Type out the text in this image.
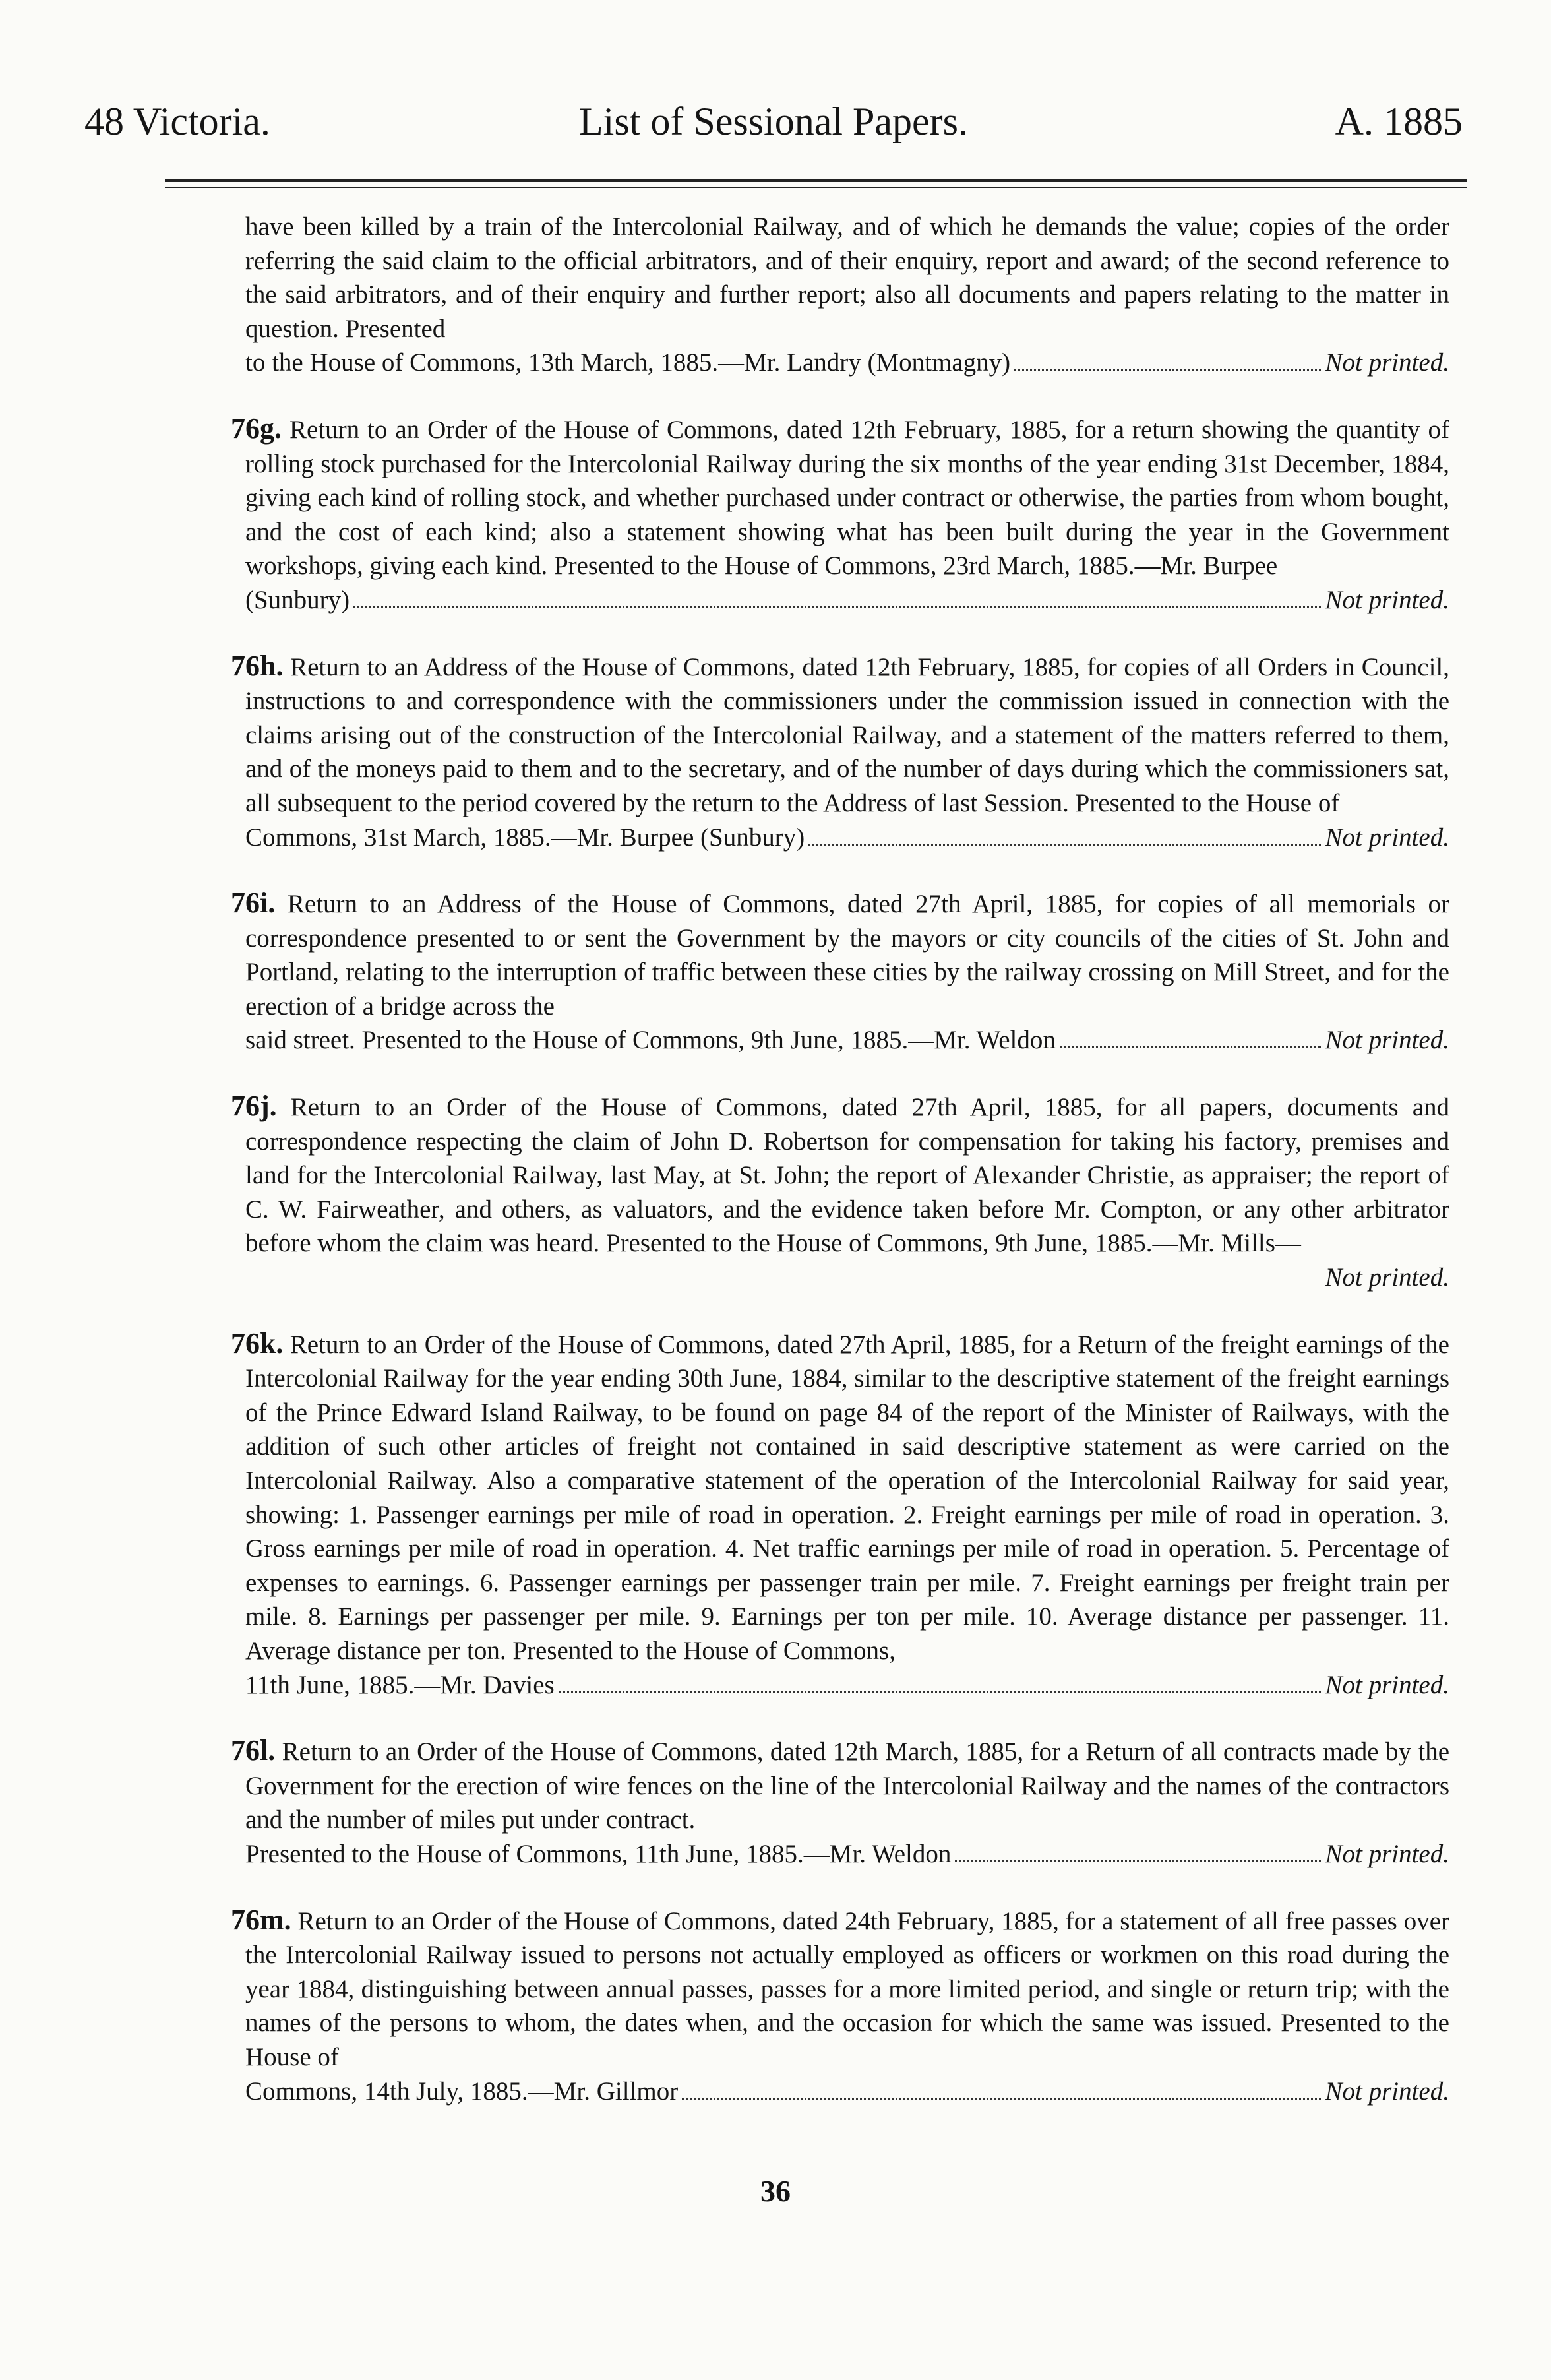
48 Victoria.	List of Sessional Papers.	A. 1885

have been killed by a train of the Intercolonial Railway, and of which he demands the value; copies of the order referring the said claim to the official arbitrators, and of their enquiry, report and award; of the second reference to the said arbitrators, and of their enquiry and further report; also all documents and papers relating to the matter in question. Presented

to the House of Commons, 13th March, 1885.—Mr. Landry (Montmagny)	Not printed.

76g. Return to an Order of the House of Commons, dated 12th February, 1885, for a return showing the quantity of rolling stock purchased for the Intercolonial Railway during the six months of the year ending 31st December, 1884, giving each kind of rolling stock, and whether purchased under contract or otherwise, the parties from whom bought, and the cost of each kind; also a statement showing what has been built during the year in the Government workshops, giving each kind. Presented to the House of Commons, 23rd March, 1885.—Mr. Burpee

(Sunbury)	Not printed.

76h. Return to an Address of the House of Commons, dated 12th February, 1885, for copies of all Orders in Council, instructions to and correspondence with the commissioners under the commission issued in connection with the claims arising out of the construction of the Intercolonial Railway, and a statement of the matters referred to them, and of the moneys paid to them and to the secretary, and of the number of days during which the commissioners sat, all subsequent to the period covered by the return to the Address of last Session. Presented to the House of

Commons, 31st March, 1885.—Mr. Burpee (Sunbury)	Not printed.

76i. Return to an Address of the House of Commons, dated 27th April, 1885, for copies of all memorials or correspondence presented to or sent the Government by the mayors or city councils of the cities of St. John and Portland, relating to the interruption of traffic between these cities by the railway crossing on Mill Street, and for the erection of a bridge across the

said street. Presented to the House of Commons, 9th June, 1885.—Mr. Weldon	Not printed.

76j. Return to an Order of the House of Commons, dated 27th April, 1885, for all papers, documents and correspondence respecting the claim of John D. Robertson for compensation for taking his factory, premises and land for the Intercolonial Railway, last May, at St. John; the report of Alexander Christie, as appraiser; the report of C. W. Fairweather, and others, as valuators, and the evidence taken before Mr. Compton, or any other arbitrator before whom the claim was heard. Presented to the House of Commons, 9th June, 1885.—Mr. Mills—

Not printed.

76k. Return to an Order of the House of Commons, dated 27th April, 1885, for a Return of the freight earnings of the Intercolonial Railway for the year ending 30th June, 1884, similar to the descriptive statement of the freight earnings of the Prince Edward Island Railway, to be found on page 84 of the report of the Minister of Railways, with the addition of such other articles of freight not contained in said descriptive statement as were carried on the Intercolonial Railway. Also a comparative statement of the operation of the Intercolonial Railway for said year, showing: 1. Passenger earnings per mile of road in operation. 2. Freight earnings per mile of road in operation. 3. Gross earnings per mile of road in operation. 4. Net traffic earnings per mile of road in operation. 5. Percentage of expenses to earnings. 6. Passenger earnings per passenger train per mile. 7. Freight earnings per freight train per mile. 8. Earnings per passenger per mile. 9. Earnings per ton per mile. 10. Average distance per passenger. 11. Average distance per ton. Presented to the House of Commons,

11th June, 1885.—Mr. Davies	Not printed.

76l. Return to an Order of the House of Commons, dated 12th March, 1885, for a Return of all contracts made by the Government for the erection of wire fences on the line of the Intercolonial Railway and the names of the contractors and the number of miles put under contract.

Presented to the House of Commons, 11th June, 1885.—Mr. Weldon	Not printed.

76m. Return to an Order of the House of Commons, dated 24th February, 1885, for a statement of all free passes over the Intercolonial Railway issued to persons not actually employed as officers or workmen on this road during the year 1884, distinguishing between annual passes, passes for a more limited period, and single or return trip; with the names of the persons to whom, the dates when, and the occasion for which the same was issued. Presented to the House of

Commons, 14th July, 1885.—Mr. Gillmor	Not printed.
36
